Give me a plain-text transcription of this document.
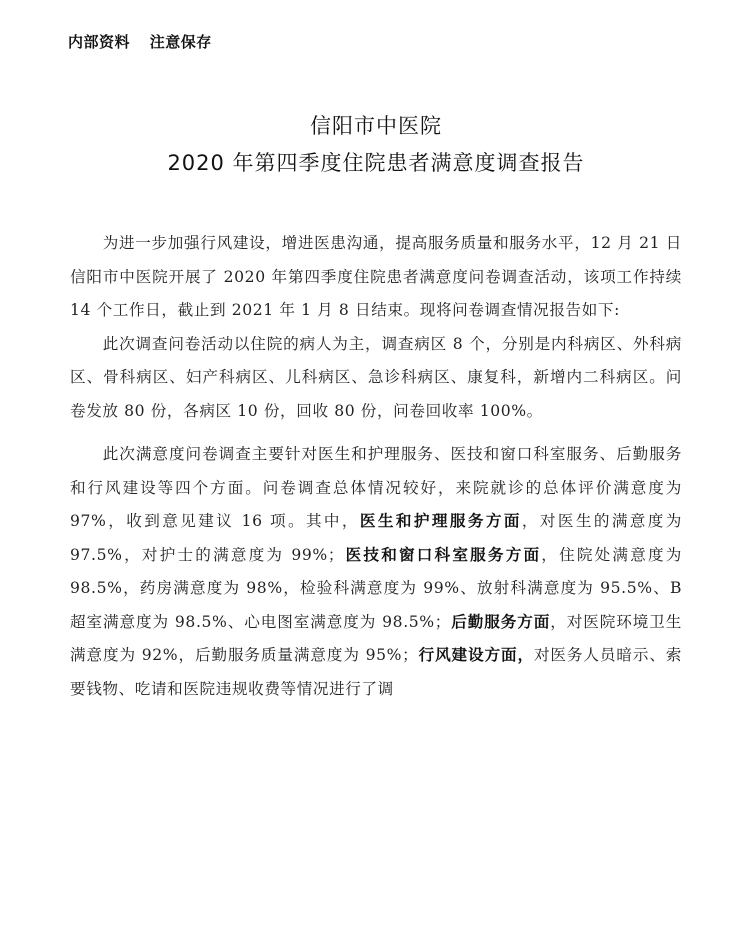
内部资料 注意保存
信阳市中医院
2020 年第四季度住院患者满意度调查报告

为进一步加强行风建设，增进医患沟通，提高服务质量和服务水平，12 月 21 日信阳市中医院开展了 2020 年第四季度住院患者满意度问卷调查活动，该项工作持续 14 个工作日，截止到 2021 年 1 月 8 日结束。现将问卷调查情况报告如下:

此次调查问卷活动以住院的病人为主，调查病区 8 个，分别是内科病区、外科病区、骨科病区、妇产科病区、儿科病区、急诊科病区、康复科，新增内二科病区。问卷发放 80 份，各病区 10 份，回收 80 份，问卷回收率 100%。

此次满意度问卷调查主要针对医生和护理服务、医技和窗口科室服务、后勤服务和行风建设等四个方面。问卷调查总体情况较好，来院就诊的总体评价满意度为 97%，收到意见建议 16 项。其中，医生和护理服务方面，对医生的满意度为 97.5%，对护士的满意度为 99%；医技和窗口科室服务方面，住院处满意度为 98.5%，药房满意度为 98%，检验科满意度为 99%、放射科满意度为 95.5%、B 超室满意度为 98.5%、心电图室满意度为 98.5%；后勤服务方面，对医院环境卫生满意度为 92%，后勤服务质量满意度为 95%；行风建设方面，对医务人员暗示、索要钱物、吃请和医院违规收费等情况进行了调
